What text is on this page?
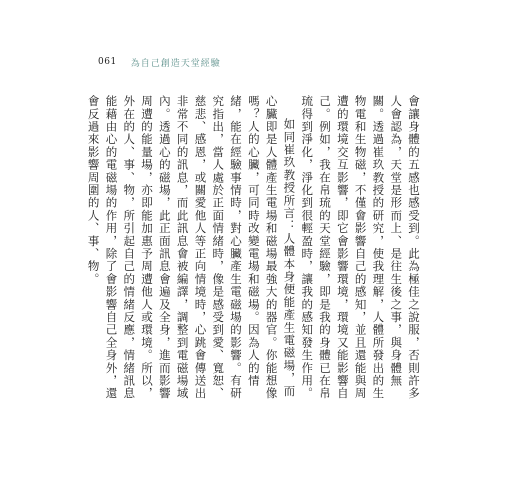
061 為自己創造天堂經驗

會讓身體的五感也感受到。此為極佳之說服，否則許多人會認為，天堂是形而上、是往生後之事，與身體無關。透過崔玖教授的研究，使我理解，人體所發出的生物電和生物磁，不僅會影響自己的感知，並且還能與周遭的環境交互影響，即它會影響環境，環境又能影響自己。例如，我在帛琉的天堂經驗，即是我的身體已在帛琉得到淨化，淨化到很輕盈時，讓我的感知發生作用。

如同崔玖教授所言：人體本身便能產生電磁場，而心臟即是人體產生電場和磁場最強大的器官。你能想像嗎？人的心臟，可同時改變電場和磁場。因為人的情緒，能在經驗事情時，對心臟產生電磁場的影響。有研究指出，當人處於正面情緒時，像是感受到愛、寬恕、慈悲、感恩，或關愛他人等正向情境時，心跳會傳送出非常不同的訊息，而此訊息會被編譯，調整到電磁場域內。透過心的磁場，此正面訊息會遍及全身，進而影響周遭的能量場，亦即能加惠予周遭他人或環境。所以，外在的人、事、物，所引起自己的情緒反應，情緒訊息能藉由心的電磁場的作用，除了會影響自己全身外，還會反過來影響周圍的人、事、物。
